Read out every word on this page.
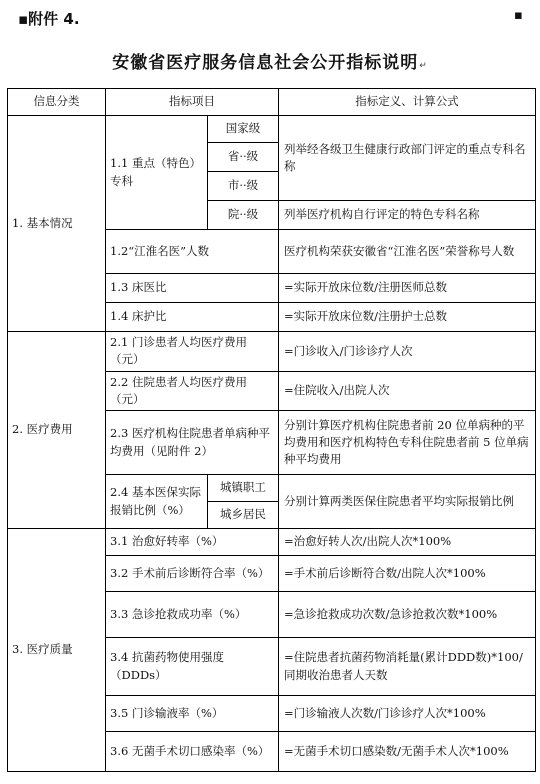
▪附件 4.	▪
安徽省医疗服务信息社会公开指标说明↵
信息分类	指标项目		指标定义、计算公式
1. 基本情况	1.1 重点（特色）专科	国家级	列举经各级卫生健康行政部门评定的重点专科名称
		省··级	
		市··级	
		院··级	列举医疗机构自行评定的特色专科名称
	1.2“江淮名医”人数		医疗机构荣获安徽省“江淮名医”荣誉称号人数
	1.3 床医比		=实际开放床位数/注册医师总数
	1.4 床护比		=实际开放床位数/注册护士总数
2. 医疗费用	2.1 门诊患者人均医疗费用（元）		=门诊收入/门诊诊疗人次
	2.2 住院患者人均医疗费用（元）		=住院收入/出院人次
	2.3 医疗机构住院患者单病种平均费用（见附件 2）		分别计算医疗机构住院患者前 20 位单病种的平均费用和医疗机构特色专科住院患者前 5 位单病种平均费用
	2.4 基本医保实际报销比例（%）	城镇职工	分别计算两类医保住院患者平均实际报销比例
		城乡居民	
3. 医疗质量	3.1 治愈好转率（%）		=治愈好转人次/出院人次*100%
	3.2 手术前后诊断符合率（%）		=手术前后诊断符合数/出院人次*100%
	3.3 急诊抢救成功率（%）		=急诊抢救成功次数/急诊抢救次数*100%
	3.4 抗菌药物使用强度（DDDs）		=住院患者抗菌药物消耗量(累计DDD数)*100/同期收治患者人天数
	3.5 门诊输液率（%）		=门诊输液人次数/门诊诊疗人次*100%
	3.6 无菌手术切口感染率（%）		=无菌手术切口感染数/无菌手术人次*100%
